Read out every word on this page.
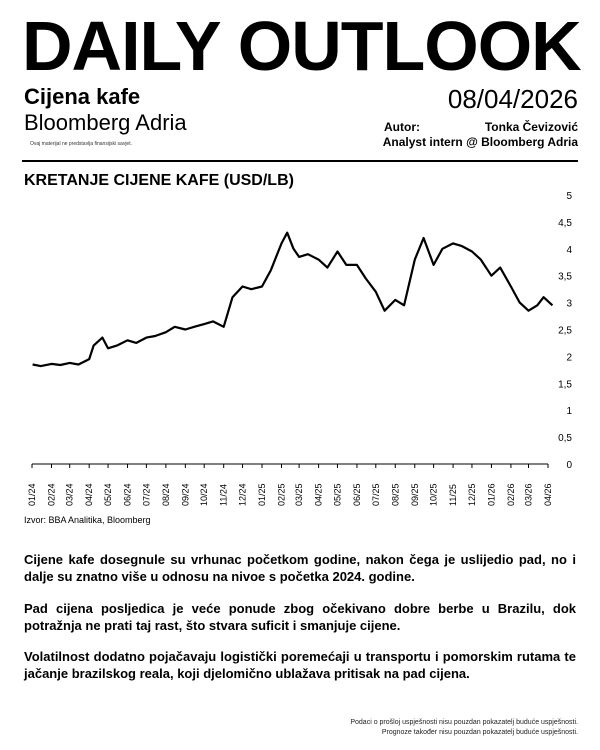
DAILY OUTLOOK
Cijena kafe
Bloomberg Adria
Ovaj materijal ne predstavlja finansijski savjet.
08/04/2026
Autor:	Tonka Čevizović
Analyst intern @ Bloomberg Adria
KRETANJE CIJENE KAFE (USD/LB)
0
0,5
1
1,5
2
2,5
3
3,5
4
4,5
5
01/24 02/24 03/24 04/24 05/24 06/24 07/24 08/24 09/24 10/24 11/24 12/24 01/25 02/25 03/25 04/25 05/25 06/25 07/25 08/25 09/25 10/25 11/25 12/25 01/26 02/26 03/26 04/26
Izvor: BBA Analitika, Bloomberg
Cijene kafe dosegnule su vrhunac početkom godine, nakon čega je uslijedio pad, no i dalje su znatno više u odnosu na nivoe s početka 2024. godine.
Pad cijena posljedica je veće ponude zbog očekivano dobre berbe u Brazilu, dok potražnja ne prati taj rast, što stvara suficit i smanjuje cijene.
Volatilnost dodatno pojačavaju logistički poremećaji u transportu i pomorskim rutama te jačanje brazilskog reala, koji djelomično ublažava pritisak na pad cijena.
Podaci o prošloj uspješnosti nisu pouzdan pokazatelj buduće uspješnosti.
Prognoze također nisu pouzdan pokazatelj buduće uspješnosti.
